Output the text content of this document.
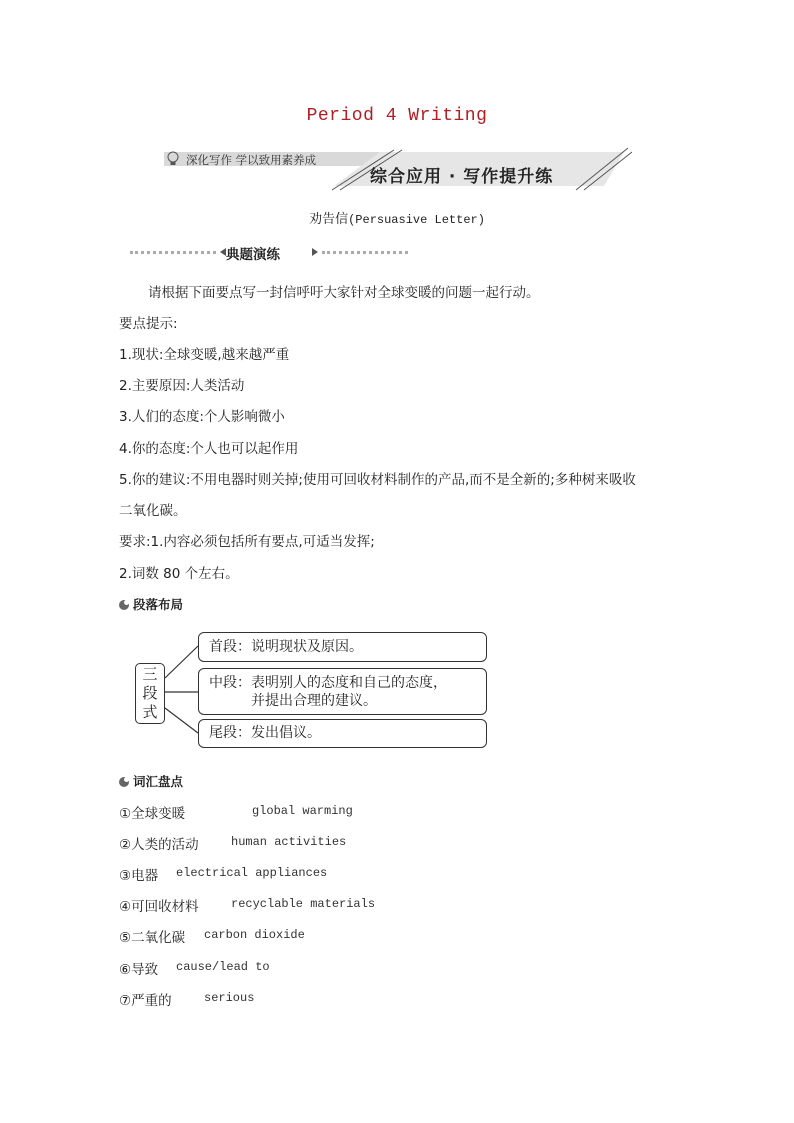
Period 4 Writing
深化写作 学以致用素养成
综合应用 · 写作提升练
劝告信(Persuasive Letter)
典题演练
请根据下面要点写一封信呼吁大家针对全球变暖的问题一起行动。
要点提示:
1.现状:全球变暖,越来越严重
2.主要原因:人类活动
3.人们的态度:个人影响微小
4.你的态度:个人也可以起作用
5.你的建议:不用电器时则关掉;使用可回收材料制作的产品,而不是全新的;多种树来吸收
二氧化碳。
要求:1.内容必须包括所有要点,可适当发挥;
2.词数 80 个左右。
段落布局
三
段
式
首段：说明现状及原因。
中段：表明别人的态度和自己的态度，
并提出合理的建议。
尾段：发出倡议。
词汇盘点
①全球变暖	global warming
②人类的活动	human activities
③电器 electrical appliances
④可回收材料	recyclable materials
⑤二氧化碳 carbon dioxide
⑥导致 cause/lead to
⑦严重的	serious
